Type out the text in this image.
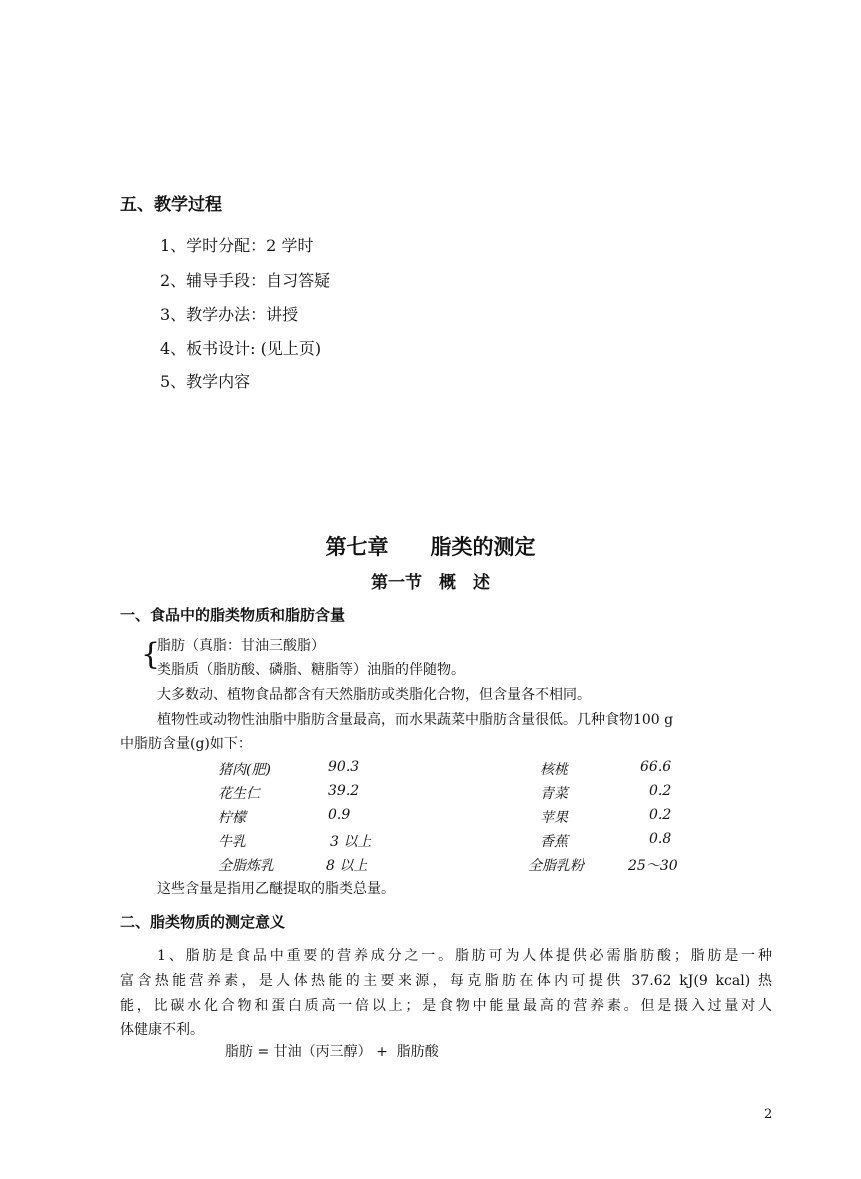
五、教学过程
1、学时分配：2 学时
2、辅导手段：自习答疑
3、教学办法：讲授
4、板书设计: (见上页)
5、教学内容
第七章　　脂类的测定
第一节　概　述
一、食品中的脂类物质和脂肪含量
{
脂肪（真脂：甘油三酸脂）
类脂质（脂肪酸、磷脂、糖脂等）油脂的伴随物。
大多数动、植物食品都含有天然脂肪或类脂化合物，但含量各不相同。
植物性或动物性油脂中脂肪含量最高，而水果蔬菜中脂肪含量很低。几种食物100 g
中脂肪含量(g)如下：
猪肉(肥)	90.3	核桃	66.6
花生仁	39.2	青菜	0.2
柠檬	0.9	苹果	0.2
牛乳	3 以上	香蕉	0.8
全脂炼乳	8 以上	全脂乳粉	25～30
这些含量是指用乙醚提取的脂类总量。
二、脂类物质的测定意义
1、脂肪是食品中重要的营养成分之一。脂肪可为人体提供必需脂肪酸；脂肪是一种
富含热能营养素，是人体热能的主要来源，每克脂肪在体内可提供 37.62 kJ(9 kcal) 热
能，比碳水化合物和蛋白质高一倍以上；是食物中能量最高的营养素。但是摄入过量对人
体健康不利。
脂肪 = 甘油（丙三醇） +  脂肪酸
2
